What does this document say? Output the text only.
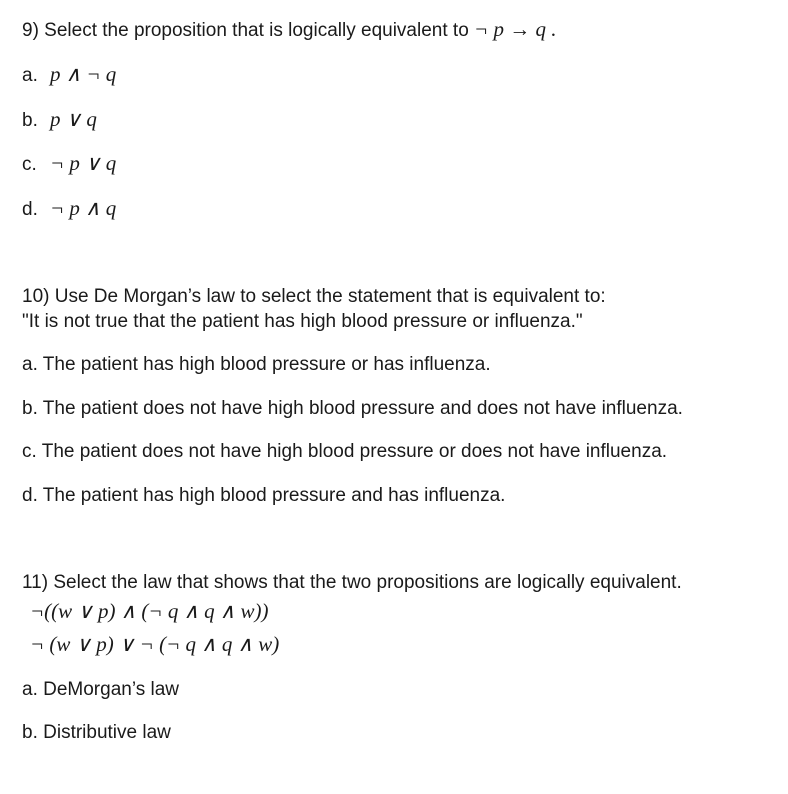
9) Select the proposition that is logically equivalent to ¬ p → q .
a. p ∧ ¬ q
b. p ∨ q
c. ¬ p ∨ q
d. ¬ p ∧ q
10) Use De Morgan’s law to select the statement that is equivalent to:
"It is not true that the patient has high blood pressure or influenza."
a. The patient has high blood pressure or has influenza.
b. The patient does not have high blood pressure and does not have influenza.
c. The patient does not have high blood pressure or does not have influenza.
d. The patient has high blood pressure and has influenza.
11) Select the law that shows that the two propositions are logically equivalent.
¬((w ∨ p) ∧ (¬ q ∧ q ∧ w))
¬ (w ∨ p) ∨ ¬ (¬ q ∧ q ∧ w)
a. DeMorgan’s law
b. Distributive law
